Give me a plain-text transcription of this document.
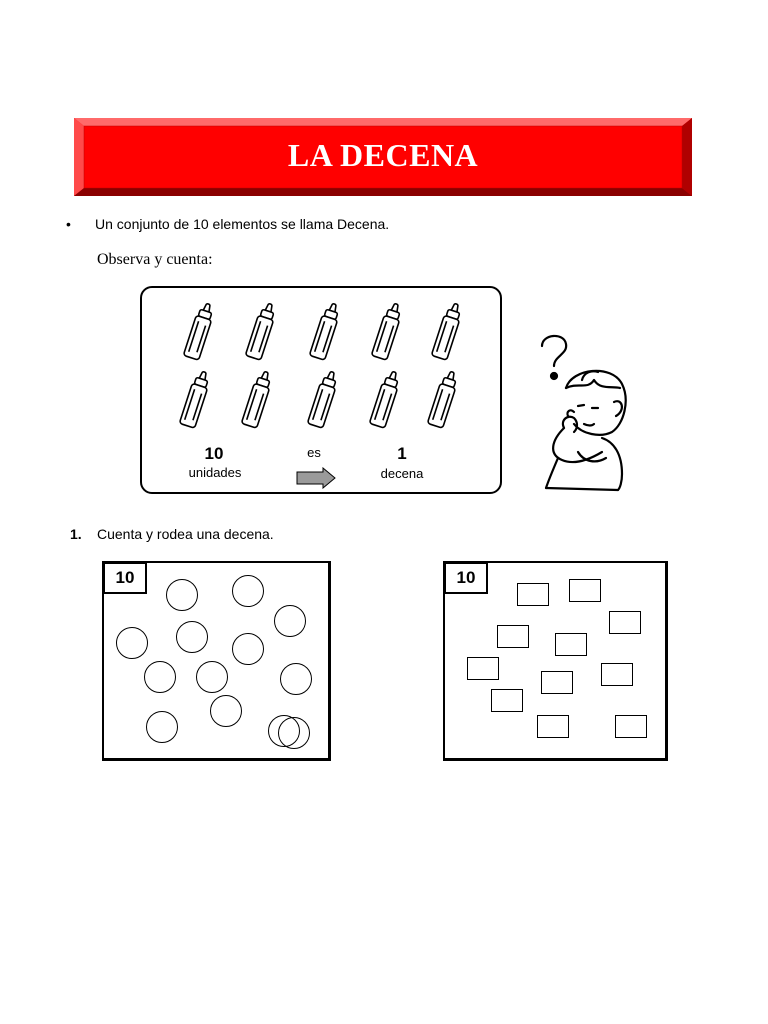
LA DECENA
• Un conjunto de 10 elementos se llama Decena.
Observa y cuenta:
10
unidades
es	1
decena
1. Cuenta y rodea una decena.
10	10
